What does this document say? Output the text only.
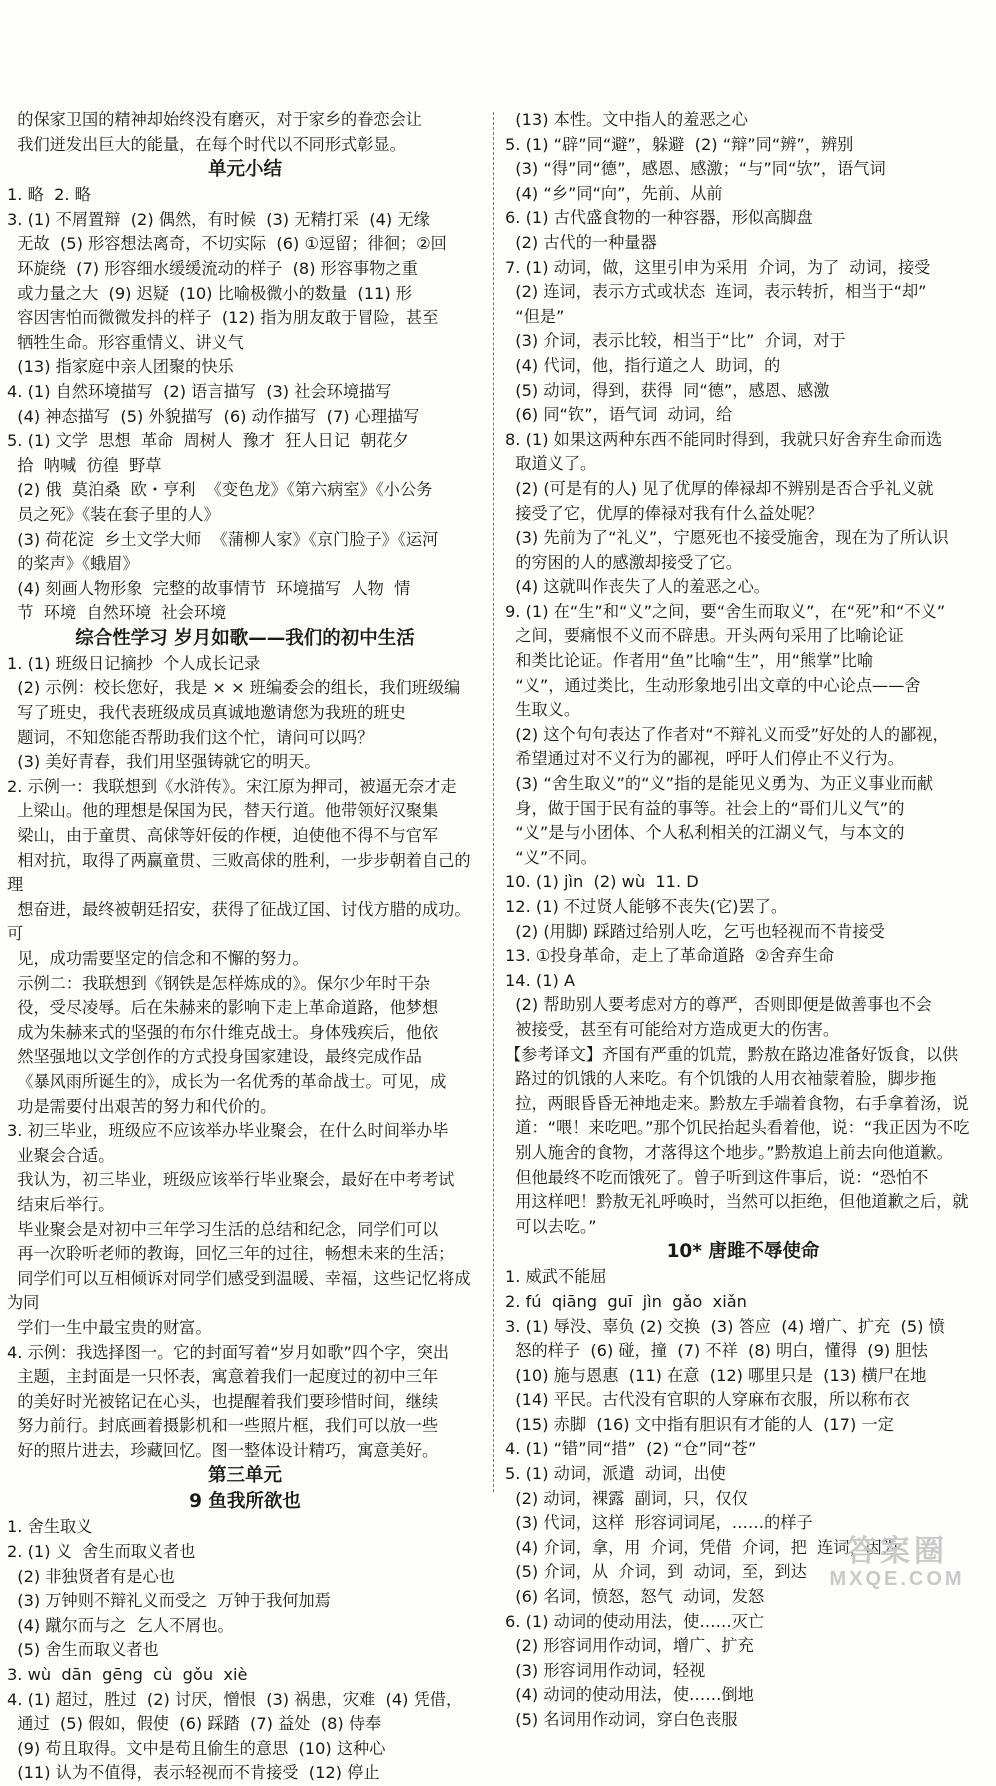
的保家卫国的精神却始终没有磨灭，对于家乡的眷恋会让
我们迸发出巨大的能量，在每个时代以不同形式彰显。
单元小结
1. 略  2. 略
3. (1) 不屑置辩  (2) 偶然，有时候  (3) 无精打采  (4) 无缘
无故  (5) 形容想法离奇，不切实际  (6) ①逗留；徘徊；②回
环旋绕  (7) 形容细水缓缓流动的样子  (8) 形容事物之重
或力量之大  (9) 迟疑  (10) 比喻极微小的数量  (11) 形
容因害怕而微微发抖的样子  (12) 指为朋友敢于冒险，甚至
牺牲生命。形容重情义、讲义气
(13) 指家庭中亲人团聚的快乐
4. (1) 自然环境描写  (2) 语言描写  (3) 社会环境描写
(4) 神态描写  (5) 外貌描写  (6) 动作描写  (7) 心理描写
5. (1) 文学  思想  革命  周树人  豫才  狂人日记  朝花夕
拾  呐喊  彷徨  野草
(2) 俄  莫泊桑  欧・亨利  《变色龙》《第六病室》《小公务
员之死》《装在套子里的人》
(3) 荷花淀  乡土文学大师  《蒲柳人家》《京门脸子》《运河
的桨声》《蛾眉》
(4) 刻画人物形象  完整的故事情节  环境描写  人物  情
节  环境  自然环境  社会环境
综合性学习 岁月如歌——我们的初中生活
1. (1) 班级日记摘抄  个人成长记录
(2) 示例：校长您好，我是 × × 班编委会的组长，我们班级编
写了班史，我代表班级成员真诚地邀请您为我班的班史
题词，不知您能否帮助我们这个忙，请问可以吗？
(3) 美好青春，我们用坚强铸就它的明天。
2. 示例一：我联想到《水浒传》。宋江原为押司，被逼无奈才走
上梁山。他的理想是保国为民，替天行道。他带领好汉聚集
梁山，由于童贯、高俅等奸佞的作梗，迫使他不得不与官军
相对抗，取得了两赢童贯、三败高俅的胜利，一步步朝着自己的理
想奋进，最终被朝廷招安，获得了征战辽国、讨伐方腊的成功。可
见，成功需要坚定的信念和不懈的努力。
示例二：我联想到《钢铁是怎样炼成的》。保尔少年时干杂
役，受尽凌辱。后在朱赫来的影响下走上革命道路，他梦想
成为朱赫来式的坚强的布尔什维克战士。身体残疾后，他依
然坚强地以文学创作的方式投身国家建设，最终完成作品
《暴风雨所诞生的》，成长为一名优秀的革命战士。可见，成
功是需要付出艰苦的努力和代价的。
3. 初三毕业，班级应不应该举办毕业聚会，在什么时间举办毕
业聚会合适。
我认为，初三毕业，班级应该举行毕业聚会，最好在中考考试
结束后举行。
毕业聚会是对初中三年学习生活的总结和纪念，同学们可以
再一次聆听老师的教诲，回忆三年的过往，畅想未来的生活；
同学们可以互相倾诉对同学们感受到温暖、幸福，这些记忆将成为同
学们一生中最宝贵的财富。
4. 示例：我选择图一。它的封面写着“岁月如歌”四个字，突出
主题，主封面是一只怀表，寓意着我们一起度过的初中三年
的美好时光被铭记在心头，也提醒着我们要珍惜时间，继续
努力前行。封底画着摄影机和一些照片框，我们可以放一些
好的照片进去，珍藏回忆。图一整体设计精巧，寓意美好。
第三单元
9 鱼我所欲也
1. 舍生取义
2. (1) 义  舍生而取义者也
(2) 非独贤者有是心也
(3) 万钟则不辩礼义而受之  万钟于我何加焉
(4) 蹴尔而与之  乞人不屑也。
(5) 舍生而取义者也
3. wù  dān  gēng  cù  gǒu  xiè
4. (1) 超过，胜过  (2) 讨厌，憎恨  (3) 祸患，灾难  (4) 凭借，
通过  (5) 假如，假使  (6) 踩踏  (7) 益处  (8) 侍奉
(9) 苟且取得。文中是苟且偷生的意思  (10) 这种心
(11) 认为不值得，表示轻视而不肯接受  (12) 停止
(13) 本性。文中指人的羞恶之心
5. (1) “辟”同“避”，躲避  (2) “辩”同“辨”，辨别
(3) “得”同“德”，感恩、感激；“与”同“欤”，语气词
(4) “乡”同“向”，先前、从前
6. (1) 古代盛食物的一种容器，形似高脚盘
(2) 古代的一种量器
7. (1) 动词，做，这里引申为采用  介词，为了  动词，接受
(2) 连词，表示方式或状态  连词，表示转折，相当于“却”
“但是”
(3) 介词，表示比较，相当于“比”  介词，对于
(4) 代词，他，指行道之人  助词，的
(5) 动词，得到，获得  同“德”，感恩、感激
(6) 同“钦”，语气词  动词，给
8. (1) 如果这两种东西不能同时得到，我就只好舍弃生命而选
取道义了。
(2) (可是有的人) 见了优厚的俸禄却不辨别是否合乎礼义就
接受了它，优厚的俸禄对我有什么益处呢？
(3) 先前为了“礼义”，宁愿死也不接受施舍，现在为了所认识
的穷困的人的感激却接受了它。
(4) 这就叫作丧失了人的羞恶之心。
9. (1) 在“生”和“义”之间，要“舍生而取义”，在“死”和“不义”
之间，要痛恨不义而不辟患。开头两句采用了比喻论证
和类比论证。作者用“鱼”比喻“生”，用“熊掌”比喻
“义”，通过类比，生动形象地引出文章的中心论点——舍
生取义。
(2) 这个句句表达了作者对“不辩礼义而受”好处的人的鄙视，
希望通过对不义行为的鄙视，呼吁人们停止不义行为。
(3) “舍生取义”的“义”指的是能见义勇为、为正义事业而献
身，做于国于民有益的事等。社会上的“哥们儿义气”的
“义”是与小团体、个人私利相关的江湖义气，与本文的
“义”不同。
10. (1) jìn  (2) wù  11. D
12. (1) 不过贤人能够不丧失(它)罢了。
(2) (用脚) 踩踏过给别人吃，乞丐也轻视而不肯接受
13. ①投身革命，走上了革命道路  ②舍弃生命
14. (1) A
(2) 帮助别人要考虑对方的尊严，否则即便是做善事也不会
被接受，甚至有可能给对方造成更大的伤害。
【参考译文】齐国有严重的饥荒，黔敖在路边准备好饭食，以供
路过的饥饿的人来吃。有个饥饿的人用衣袖蒙着脸，脚步拖
拉，两眼昏昏无神地走来。黔敖左手端着食物，右手拿着汤，说
道：“喂！来吃吧。”那个饥民抬起头看着他，说：“我正因为不吃
别人施舍的食物，才落得这个地步。”黔敖追上前去向他道歉。
但他最终不吃而饿死了。曾子听到这件事后，说：“恐怕不
用这样吧！黔敖无礼呼唤时，当然可以拒绝，但他道歉之后，就
可以去吃。”
10* 唐雎不辱使命
1. 威武不能屈
2. fú  qiāng  guī  jìn  gǎo  xiǎn
3. (1) 辱没、辜负 (2) 交换  (3) 答应  (4) 增广、扩充  (5) 愤
怒的样子  (6) 碰，撞  (7) 不祥  (8) 明白，懂得  (9) 胆怯
(10) 施与恩惠  (11) 在意  (12) 哪里只是  (13) 横尸在地
(14) 平民。古代没有官职的人穿麻布衣服，所以称布衣
(15) 赤脚  (16) 文中指有胆识有才能的人  (17) 一定
4. (1) “错”同“措”  (2) “仓”同“苍”
5. (1) 动词，派遣  动词，出使
(2) 动词，裸露  副词，只，仅仅
(3) 代词，这样  形容词词尾，……的样子
(4) 介词，拿，用  介词，凭借  介词，把  连词，因为
(5) 介词，从  介词，到  动词，至，到达
(6) 名词，愤怒，怒气  动词，发怒
6. (1) 动词的使动用法，使……灭亡
(2) 形容词用作动词，增广、扩充
(3) 形容词用作动词，轻视
(4) 动词的使动用法，使……倒地
(5) 名词用作动词，穿白色丧服
答案圈
MXQE.COM
